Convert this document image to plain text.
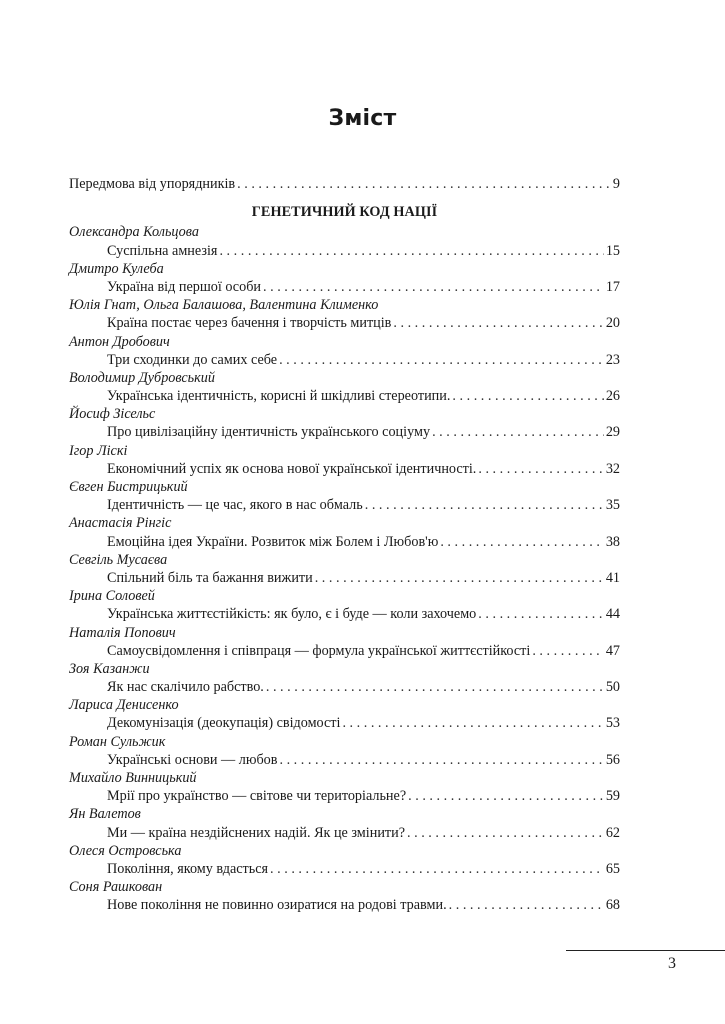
Зміст
Передмова від упорядників . . .	9
ГЕНЕТИЧНИЙ КОД НАЦІЇ
Олександра Кольцова
Суспільна амнезія . . .	15
Дмитро Кулеба
Україна від першої особи . . .	17
Юлія Гнат, Ольга Балашова, Валентина Клименко
Країна постає через бачення і творчість митців . . .	20
Антон Дробович
Три сходинки до самих себе . . .	23
Володимир Дубровський
Українська ідентичність, корисні й шкідливі стереотипи. . . .	26
Йосиф Зісельс
Про цивілізаційну ідентичність українського соціуму . . .	29
Ігор Ліскі
Економічний успіх як основа нової української ідентичності. . . .	32
Євген Бистрицький
Ідентичність — це час, якого в нас обмаль . . .	35
Анастасія Рінгіс
Емоційна ідея України. Розвиток між Болем і Любов'ю . . .	38
Севгіль Мусаєва
Спільний біль та бажання вижити . . .	41
Ірина Соловей
Українська життєстійкість: як було, є і буде — коли захочемо . . .	44
Наталія Попович
Самоусвідомлення і співпраця — формула української життєстійкості . . .	47
Зоя Казанжи
Як нас скалічило рабство. . . .	50
Лариса Денисенко
Декомунізація (деокупація) свідомості . . .	53
Роман Сульжик
Українські основи — любов . . .	56
Михайло Винницький
Мрії про українство — світове чи територіальне? . . .	59
Ян Валетов
Ми — країна нездійснених надій. Як це змінити? . . .	62
Олеся Островська
Покоління, якому вдасться . . .	65
Соня Рашкован
Нове покоління не повинно озиратися на родові травми. . . .	68
3
